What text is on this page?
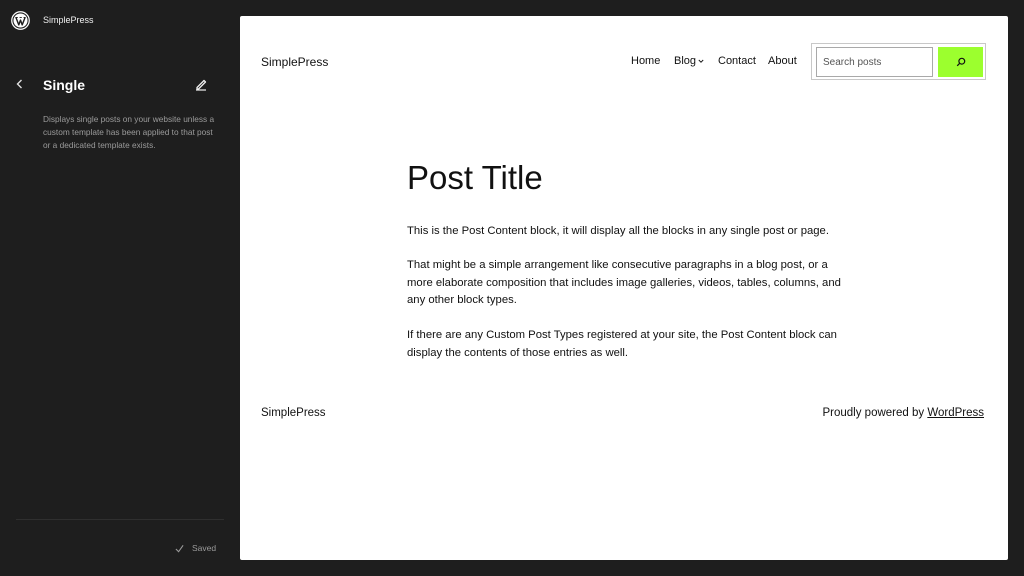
SimplePress
Single
Displays single posts on your website unless a custom template has been applied to that post or a dedicated template exists.
Saved
SimplePress	Home Blog	Contact About
Search posts
Post Title

This is the Post Content block, it will display all the blocks in any single post or page.

That might be a simple arrangement like consecutive paragraphs in a blog post, or a more elaborate composition that includes image galleries, videos, tables, columns, and any other block types.

If there are any Custom Post Types registered at your site, the Post Content block can display the contents of those entries as well.

SimplePress	Proudly powered by WordPress
